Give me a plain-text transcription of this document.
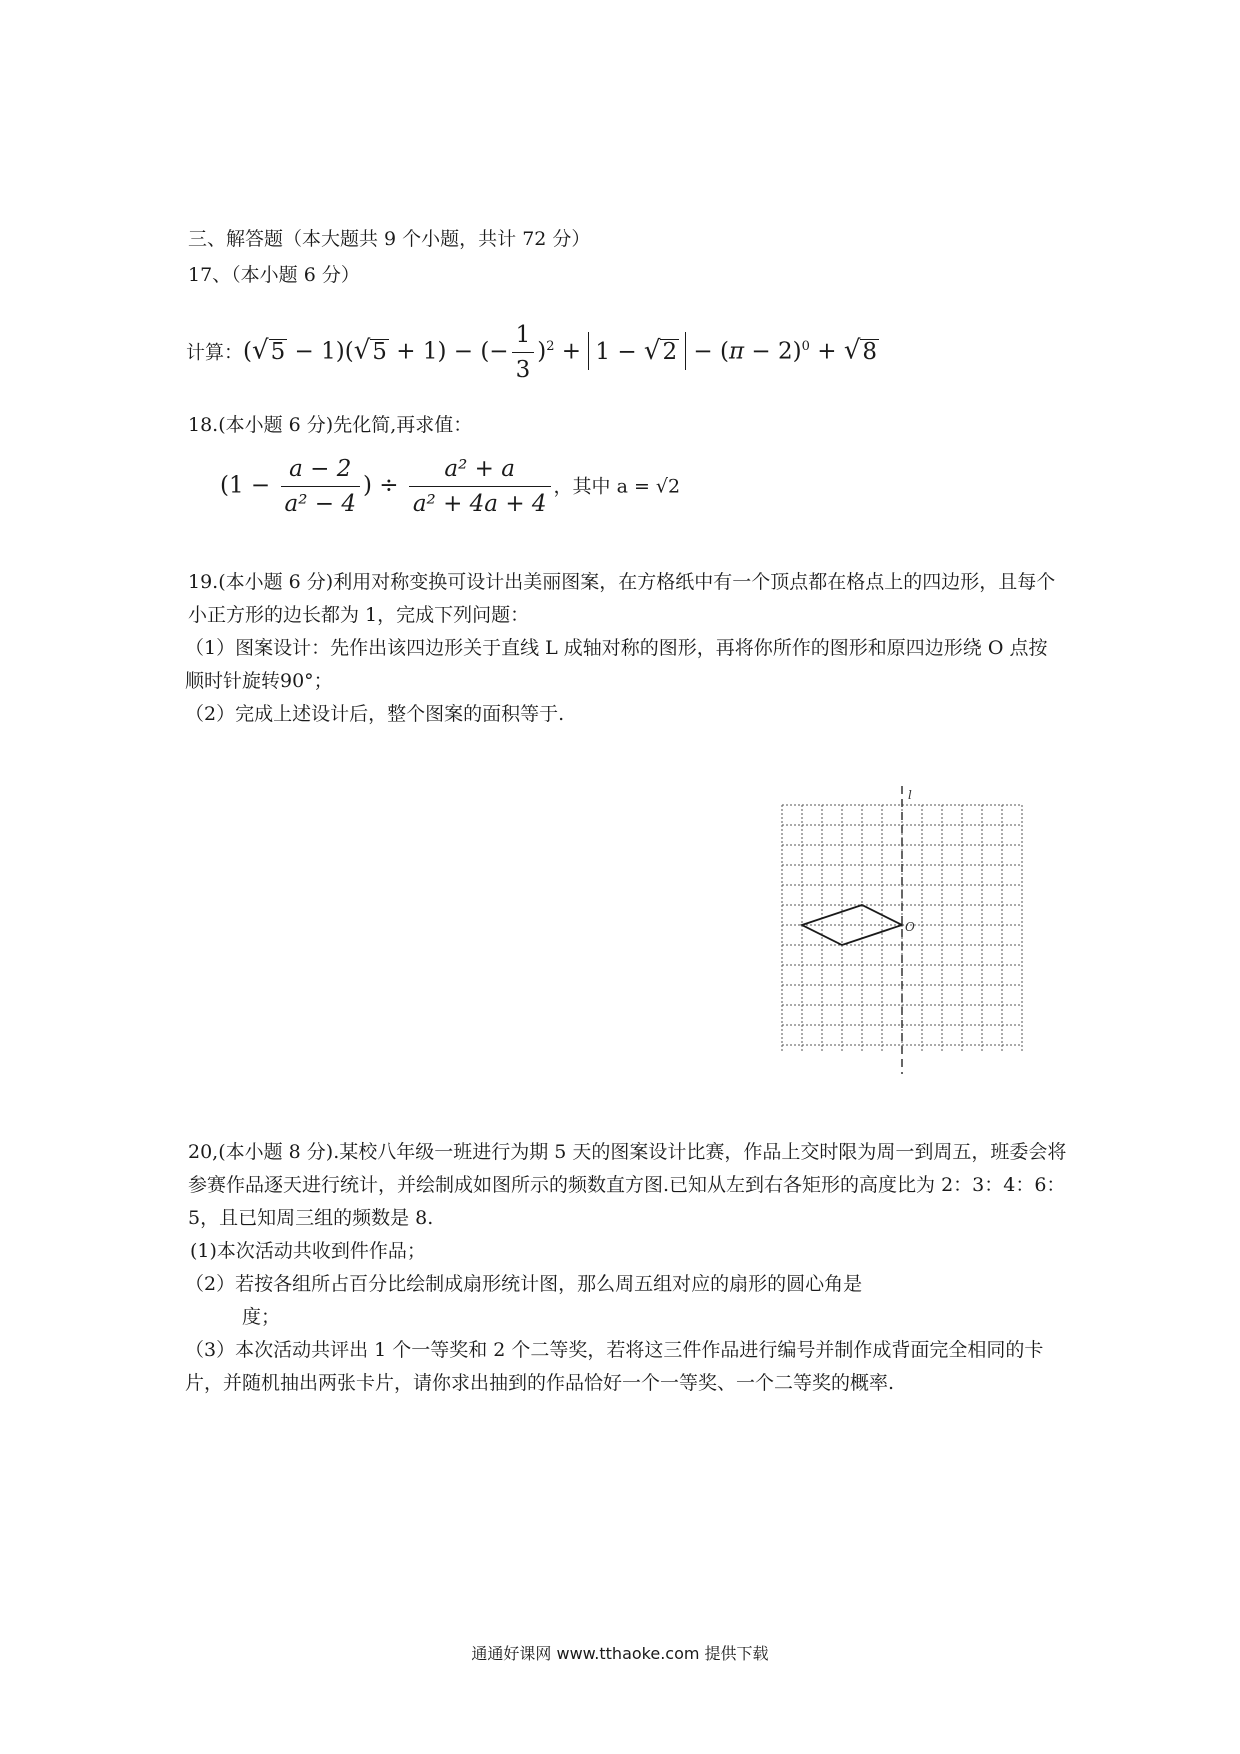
三、解答题（本大题共 9 个小题，共计 72 分）
17、（本小题 6 分）
计算：(√5 − 1)(√5 + 1) − (− $\frac{1}{3} )^2 + 1 - √2 - (\pi - 2)^0 + √8$
18.(本小题 6 分)先化简,再求值：
($1 - \frac{a - 2}{\text{a² − 4}}$ ) ÷ $\frac{\text{a² + a}}{\text{a² + 4a + 4}}$ ，其中 a = √2
19.(本小题 6 分)利用对称变换可设计出美丽图案，在方格纸中有一个顶点都在格点上的四边形，且每个小正方形的边长都为 1，完成下列问题：
（1）图案设计：先作出该四边形关于直线 L 成轴对称的图形，再将你所作的图形和原四边形绕 O 点按顺时针旋转90°；
（2）完成上述设计后，整个图案的面积等于.
l
O
20,(本小题 8 分).某校八年级一班进行为期 5 天的图案设计比赛，作品上交时限为周一到周五，班委会将参赛作品逐天进行统计，并绘制成如图所示的频数直方图.已知从左到右各矩形的高度比为 2：3：4：6：5，且已知周三组的频数是 8.
(1)本次活动共收到件作品；
（2）若按各组所占百分比绘制成扇形统计图，那么周五组对应的扇形的圆心角是
度；
（3）本次活动共评出 1 个一等奖和 2 个二等奖，若将这三件作品进行编号并制作成背面完全相同的卡片，并随机抽出两张卡片，请你求出抽到的作品恰好一个一等奖、一个二等奖的概率.
通通好课网 www.tthaoke.com 提供下载
